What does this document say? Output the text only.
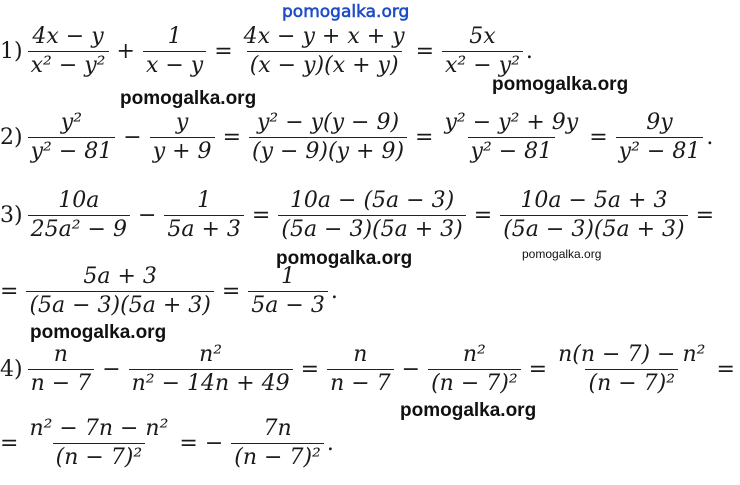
pomogalka.org
pomogalka.org
pomogalka.org
pomogalka.org	pomogalka.org
pomogalka.org
pomogalka.org
$1) \frac{4x - y}{\text{x² − y²}} + \frac{1}{x - y} = \frac{4x - y + x + y}{(x - y)(x + y)} = \frac{5x}{\text{x² − y²}}$ .
$2) \frac{\text{y²}}{\text{y² − 81}} - \frac{y}{y + 9} = \frac{\text{y² − y(y − 9)}}{(y - 9)(y + 9)} = \frac{\text{y² − y² + 9y}}{\text{y² − 81}} = \frac{9y}{\text{y² − 81}}$ .
$3) \frac{10a}{\text{25a² − 9}} - \frac{1}{5a + 3} = \frac{10a - (5a - 3)}{(5a - 3)(5a + 3)} = \frac{10a - 5a + 3}{(5a - 3)(5a + 3)}$ =
= $\frac{5a + 3}{(5a - 3)(5a + 3)} = \frac{1}{5a - 3}$ .
$4) \frac{n}{n - 7} - \frac{\text{n²}}{\text{n² − 14n + 49}} = \frac{n}{n - 7} - \frac{\text{n²}}{\text{(n − 7)²}} = \frac{\text{n(n − 7) − n²}}{\text{(n − 7)²}}$ =
= $\frac{\text{n² − 7n − n²}}{\text{(n − 7)²}}$ = − $\frac{7n}{\text{(n − 7)²}}$ .
